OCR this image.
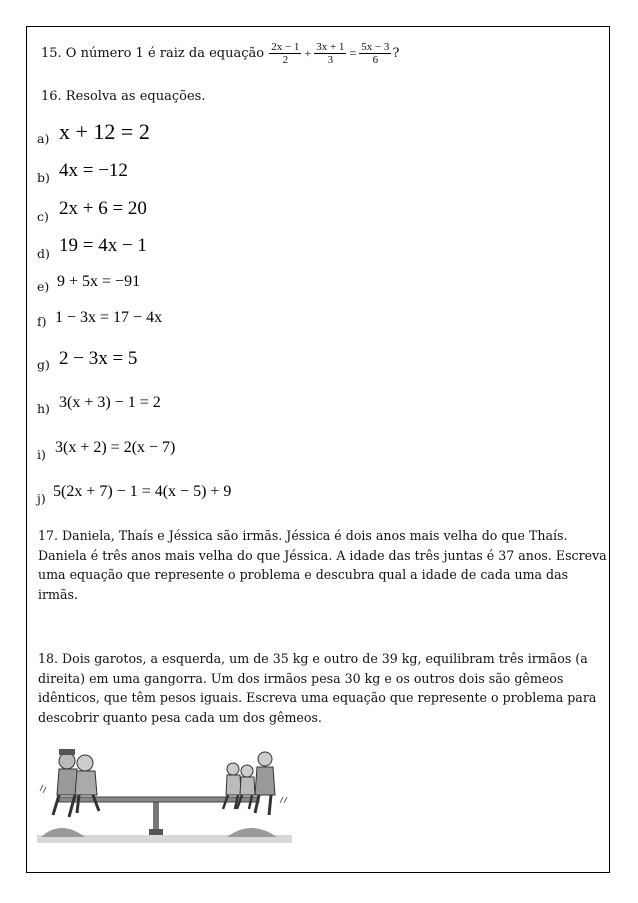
15. O número 1 é raiz da equação $\frac{2x - 1}{2} + \frac{3x + 1}{3} = \frac{5x - 3}{6}$ ?
16. Resolva as equações.
a) x + 12 = 2
b) 4x = −12
c) 2x + 6 = 20
d) 19 = 4x − 1
e) 9 + 5x = −91
f) 1 − 3x = 17 − 4x
g) 2 − 3x = 5
h) 3(x + 3) − 1 = 2
i) 3(x + 2) = 2(x − 7)
j) 5(2x + 7) − 1 = 4(x − 5) + 9
17. Daniela, Thaís e Jéssica são irmãs. Jéssica é dois anos mais velha do que Thaís.
Daniela é três anos mais velha do que Jéssica. A idade das três juntas é 37 anos. Escreva
uma equação que represente o problema e descubra qual a idade de cada uma das
irmãs.
18. Dois garotos, a esquerda, um de 35 kg e outro de 39 kg, equilibram três irmãos (a
direita) em uma gangorra. Um dos irmãos pesa 30 kg e os outros dois são gêmeos
idênticos, que têm pesos iguais. Escreva uma equação que represente o problema para
descobrir quanto pesa cada um dos gêmeos.
